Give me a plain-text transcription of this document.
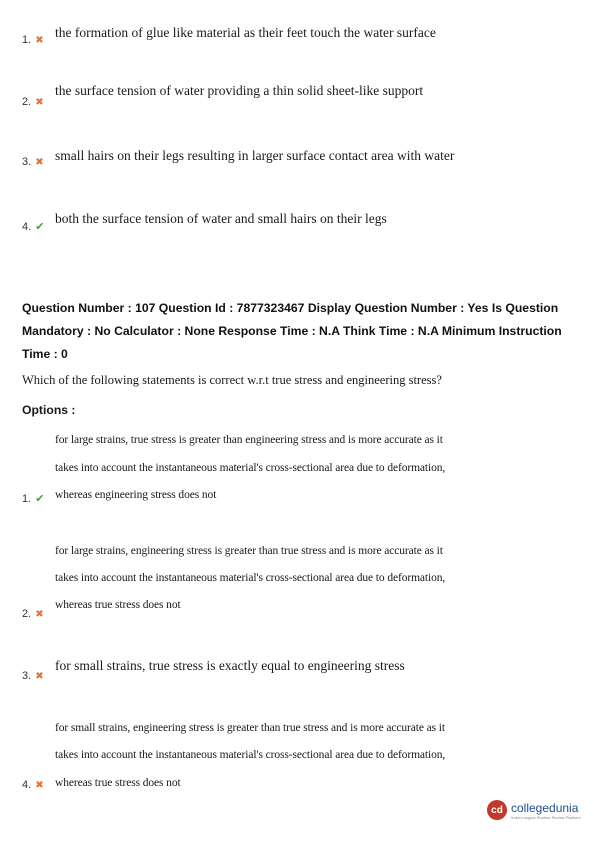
1. ✖
the formation of glue like material as their feet touch the water surface
2. ✖
the surface tension of water providing a thin solid sheet-like support
3. ✖ small hairs on their legs resulting in larger surface contact area with water
4. ✔
both the surface tension of water and small hairs on their legs
Question Number : 107 Question Id : 7877323467 Display Question Number : Yes Is Question
Mandatory : No Calculator : None Response Time : N.A Think Time : N.A Minimum Instruction
Time : 0
Which of the following statements is correct w.r.t true stress and engineering stress?
Options :
for large strains, true stress is greater than engineering stress and is more accurate as it
takes into account the instantaneous material's cross-sectional area due to deformation,
1. ✔ whereas engineering stress does not
for large strains, engineering stress is greater than true stress and is more accurate as it
takes into account the instantaneous material's cross-sectional area due to deformation,
whereas true stress does not
2. ✖
for small strains, true stress is exactly equal to engineering stress
3. ✖
for small strains, engineering stress is greater than true stress and is more accurate as it
takes into account the instantaneous material's cross-sectional area due to deformation,
4. ✖ whereas true stress does not
cd collegedunia
India's largest Student Review Platform
